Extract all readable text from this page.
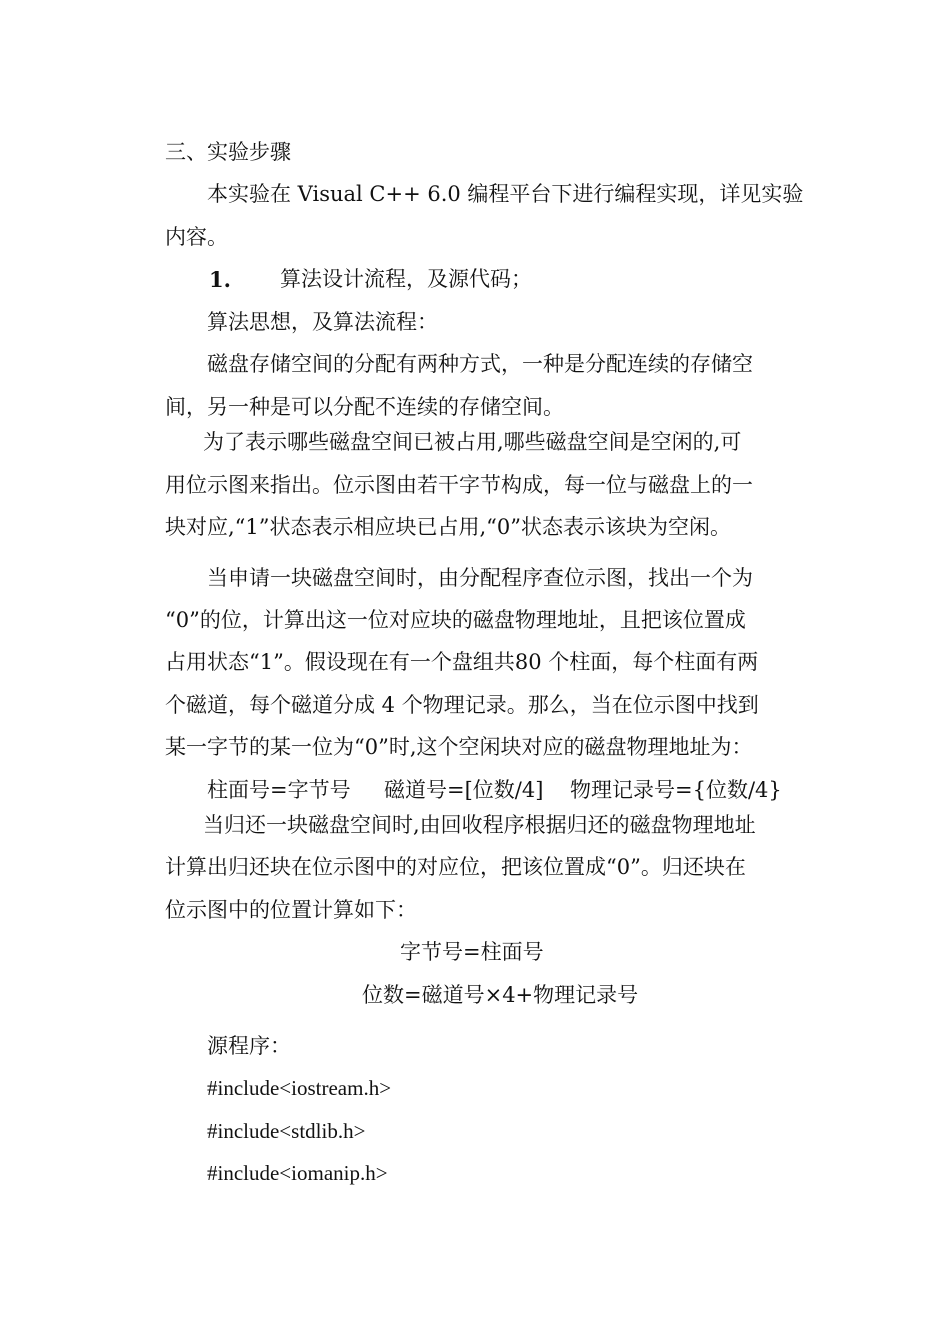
三、实验步骤
本实验在 Visual C++ 6.0 编程平台下进行编程实现，详见实验
内容。
1. 算法设计流程，及源代码；
算法思想，及算法流程：
磁盘存储空间的分配有两种方式，一种是分配连续的存储空
间，另一种是可以分配不连续的存储空间。
为了表示哪些磁盘空间已被占用,哪些磁盘空间是空闲的,可
用位示图来指出。位示图由若干字节构成，每一位与磁盘上的一
块对应,“1”状态表示相应块已占用,“0”状态表示该块为空闲。
当申请一块磁盘空间时，由分配程序查位示图，找出一个为
“0”的位，计算出这一位对应块的磁盘物理地址，且把该位置成
占用状态“1”。假设现在有一个盘组共80 个柱面，每个柱面有两
个磁道，每个磁道分成 4 个物理记录。那么，当在位示图中找到
某一字节的某一位为“0”时,这个空闲块对应的磁盘物理地址为：
柱面号=字节号 磁道号=[位数/4] 物理记录号={位数/4}
当归还一块磁盘空间时,由回收程序根据归还的磁盘物理地址
计算出归还块在位示图中的对应位，把该位置成“0”。归还块在
位示图中的位置计算如下：
字节号=柱面号
位数=磁道号×4+物理记录号
源程序：
#include<iostream.h>
#include<stdlib.h>
#include<iomanip.h>
